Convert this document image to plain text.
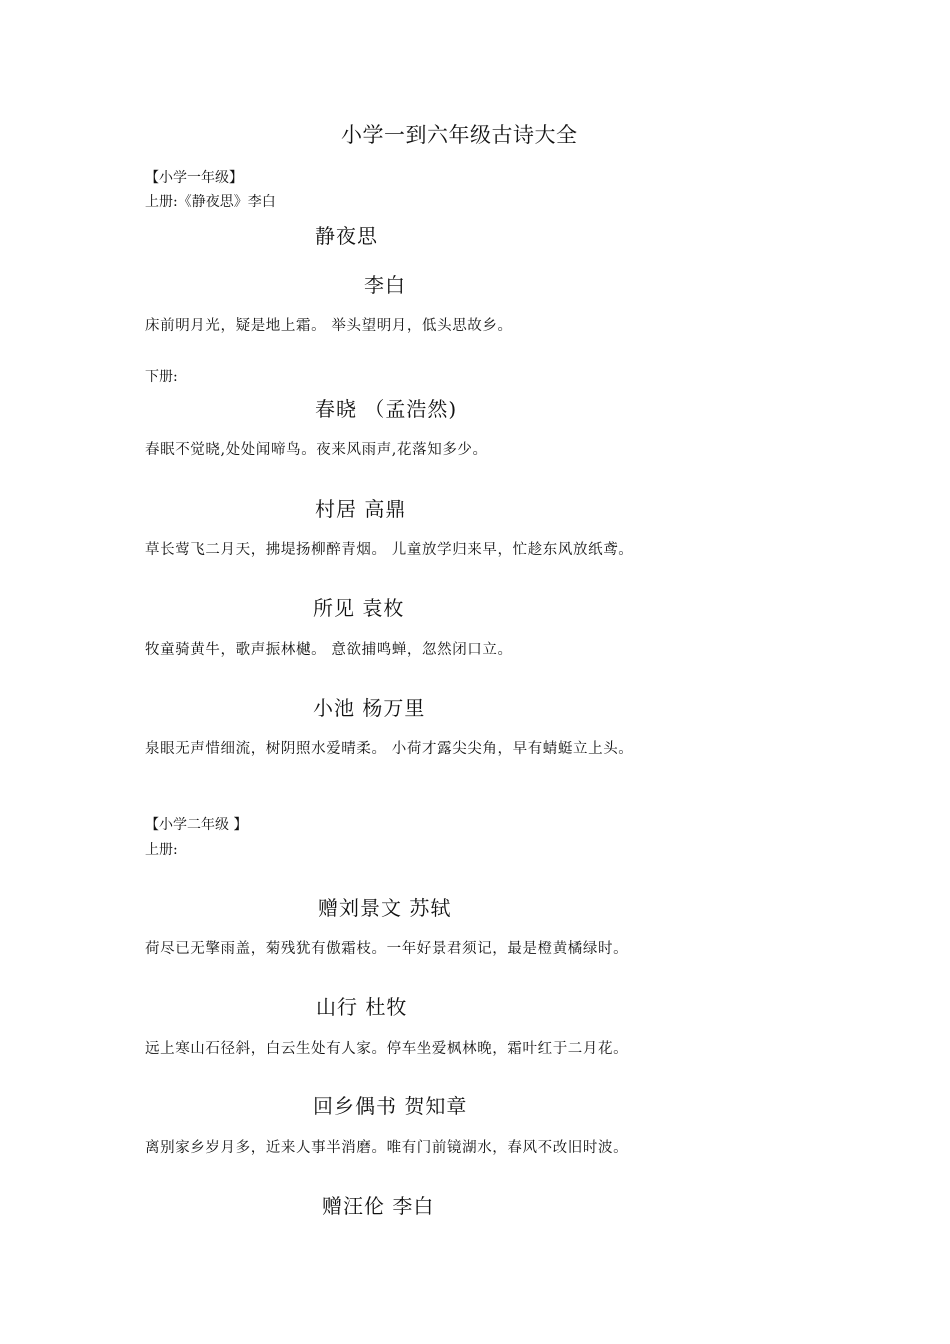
小学一到六年级古诗大全
【小学一年级】
上册:《静夜思》李白
静夜思
李白
床前明月光，疑是地上霜。 举头望明月，低头思故乡。
下册:
春晓 （孟浩然)
春眠不觉晓,处处闻啼鸟。夜来风雨声,花落知多少。
村居 高鼎
草长莺飞二月天，拂堤扬柳醉青烟。 儿童放学归来早，忙趁东风放纸鸢。
所见 袁枚
牧童骑黄牛，歌声振林樾。 意欲捕鸣蝉，忽然闭口立。
小池 杨万里
泉眼无声惜细流，树阴照水爱晴柔。 小荷才露尖尖角，早有蜻蜓立上头。
【小学二年级 】
上册:
赠刘景文 苏轼
荷尽已无擎雨盖，菊残犹有傲霜枝。一年好景君须记，最是橙黄橘绿时。
山行 杜牧
远上寒山石径斜，白云生处有人家。停车坐爱枫林晚，霜叶红于二月花。
回乡偶书 贺知章
离别家乡岁月多，近来人事半消磨。唯有门前镜湖水，春风不改旧时波。
赠汪伦 李白
